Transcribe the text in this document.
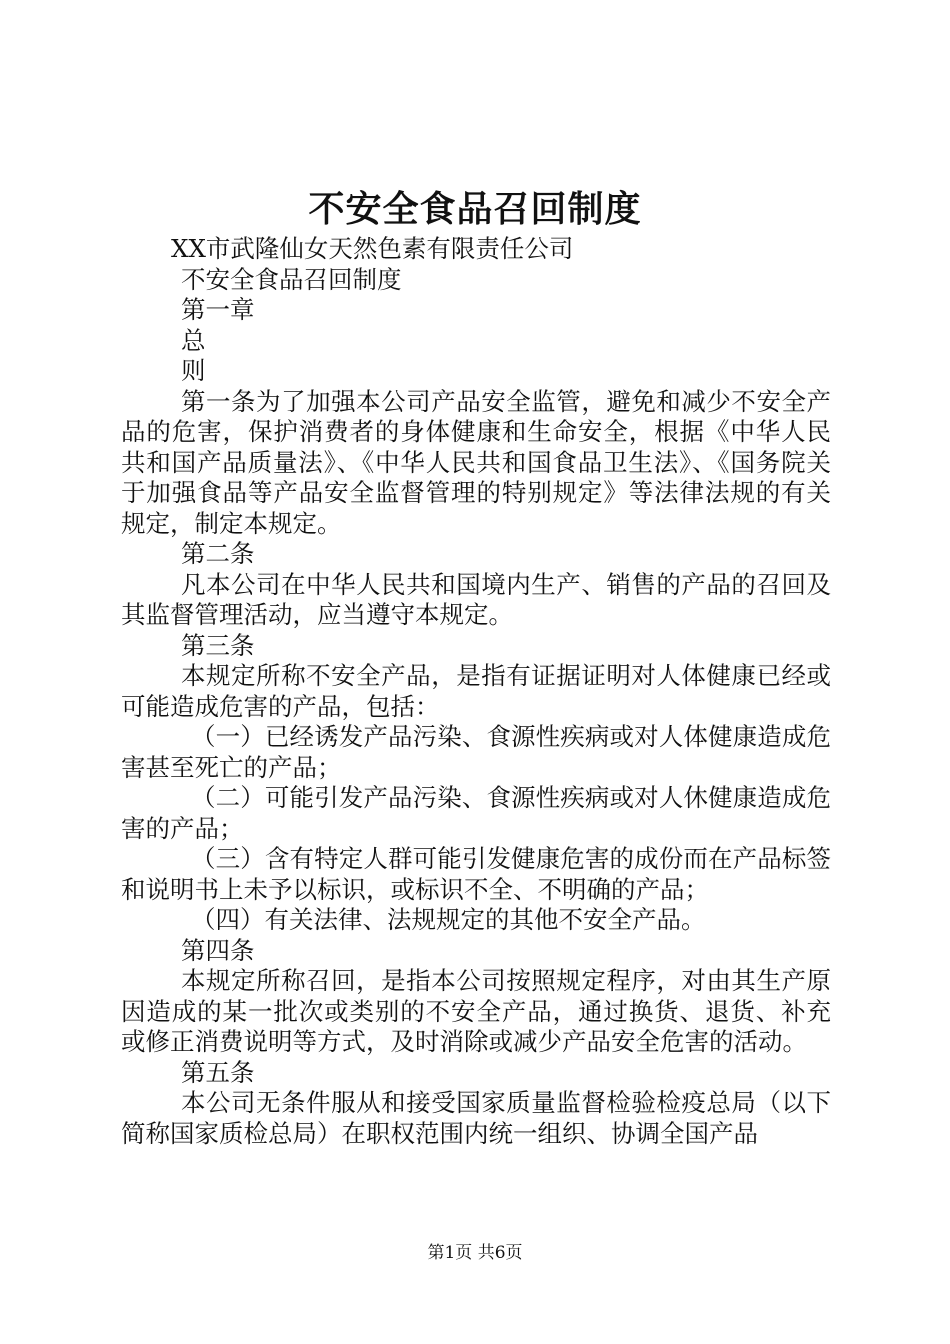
不安全食品召回制度

XX市武隆仙女天然色素有限责任公司

不安全食品召回制度

第一章

总

则

第一条为了加强本公司产品安全监管，避免和减少不安全产品的危害，保护消费者的身体健康和生命安全，根据《中华人民共和国产品质量法》、《中华人民共和国食品卫生法》、《国务院关于加强食品等产品安全监督管理的特别规定》等法律法规的有关规定，制定本规定。

第二条

凡本公司在中华人民共和国境内生产、销售的产品的召回及其监督管理活动，应当遵守本规定。

第三条

本规定所称不安全产品，是指有证据证明对人体健康已经或可能造成危害的产品，包括：

（一）已经诱发产品污染、食源性疾病或对人体健康造成危害甚至死亡的产品；

（二）可能引发产品污染、食源性疾病或对人休健康造成危害的产品；

（三）含有特定人群可能引发健康危害的成份而在产品标签和说明书上未予以标识，或标识不全、不明确的产品；

（四）有关法律、法规规定的其他不安全产品。

第四条

本规定所称召回，是指本公司按照规定程序，对由其生产原因造成的某一批次或类别的不安全产品，通过换货、退货、补充或修正消费说明等方式，及时消除或减少产品安全危害的活动。

第五条

本公司无条件服从和接受国家质量监督检验检疫总局（以下简称国家质检总局）在职权范围内统一组织、协调全国产品

第1页 共6页
